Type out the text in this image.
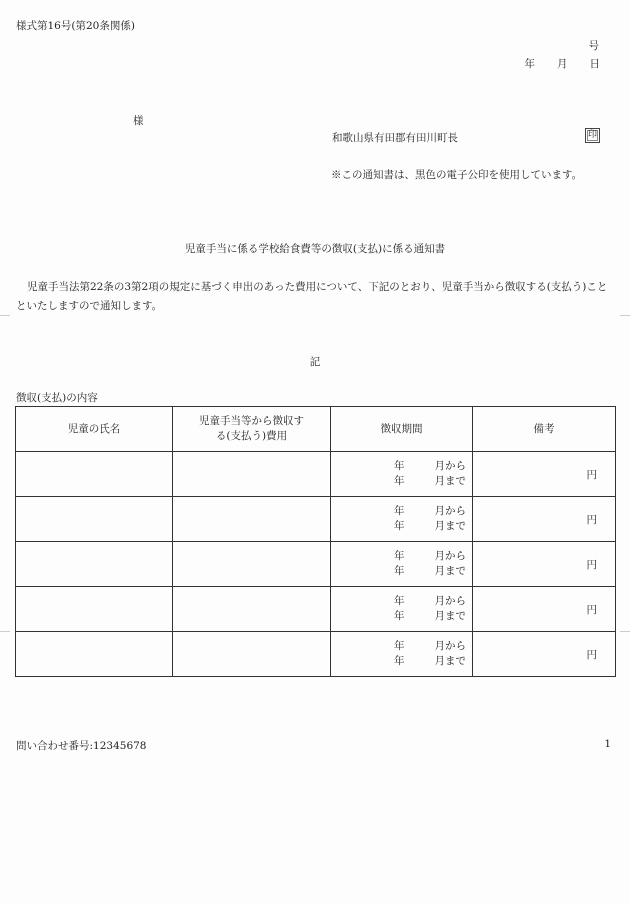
様式第16号(第20条関係)
号
年 月 日
様
和歌山県有田郡有田川町長	印
※この通知書は、黒色の電子公印を使用しています。
児童手当に係る学校給食費等の徴収(支払)に係る通知書
児童手当法第22条の3第2項の規定に基づく申出のあった費用について、下記のとおり、児童手当から徴収する(支払う)ことといたしますので通知します。
記
徴収(支払)の内容
児童の氏名	児童手当等から徴収する(支払う)費用	徴収期間	備考

		年 月から
年 月まで	円

		年 月から
年 月まで	円

		年 月から
年 月まで	円

		年 月から
年 月まで	円

		年 月から
年 月まで	円
問い合わせ番号:12345678	1
